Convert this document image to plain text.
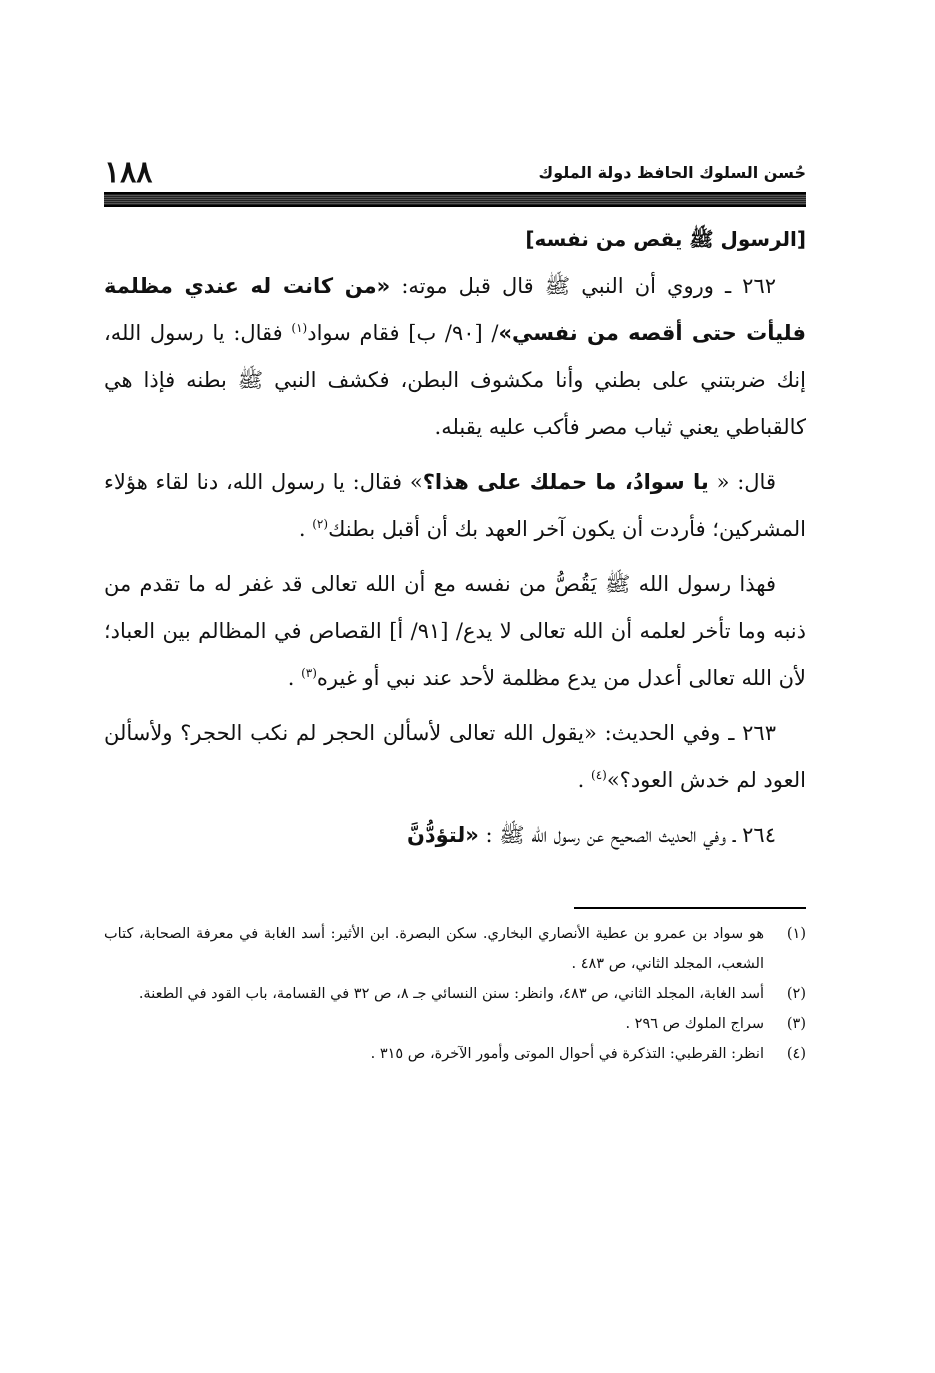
حُسن السلوك الحافظ دولة الملوك
١٨٨

[الرسول ﷺ يقص من نفسه]

٢٦٢ ـ وروي أن النبي ﷺ قال قبل موته: «من كانت له عندي مظلمة فليأت حتى أقصه من نفسي»/ [٩٠/ ب] فقام سواد$^{(١)}$ فقال: يا رسول الله، إنك ضربتني على بطني وأنا مكشوف البطن، فكشف النبي ﷺ بطنه فإذا هي كالقباطي يعني ثياب مصر فأكب عليه يقبله.

قال: « يا سوادُ، ما حملك على هذا؟» فقال: يا رسول الله، دنا لقاء هؤلاء المشركين؛ فأردت أن يكون آخر العهد بك أن أقبل بطنك$^{(٢)}$ .

فهذا رسول الله ﷺ يَقُصُّ من نفسه مع أن الله تعالى قد غفر له ما تقدم من ذنبه وما تأخر لعلمه أن الله تعالى لا يدع/ [٩١/ أ] القصاص في المظالم بين العباد؛ لأن الله تعالى أعدل من يدع مظلمة لأحد عند نبي أو غيره$^{(٣)}$ .

٢٦٣ ـ وفي الحديث: «يقول الله تعالى لأسألن الحجر لم نكب الحجر؟ ولأسألن العود لم خدش العود؟»$^{(٤)}$ .

٢٦٤ ـ وفي الحديث الصحيح عن رسول الله ﷺ : «لتؤدُّنَّ

(١)
هو سواد بن عمرو بن عطية الأنصاري البخاري. سكن البصرة. ابن الأثير: أسد الغابة في معرفة الصحابة، كتاب الشعب، المجلد الثاني، ص ٤٨٣ .
(٢)
أسد الغابة، المجلد الثاني، ص ٤٨٣، وانظر: سنن النسائي جـ ٨، ص ٣٢ في القسامة، باب القود في الطعنة.
(٣)
سراج الملوك ص ٢٩٦ .
(٤)
انظر: القرطبي: التذكرة في أحوال الموتى وأمور الآخرة، ص ٣١٥ .
